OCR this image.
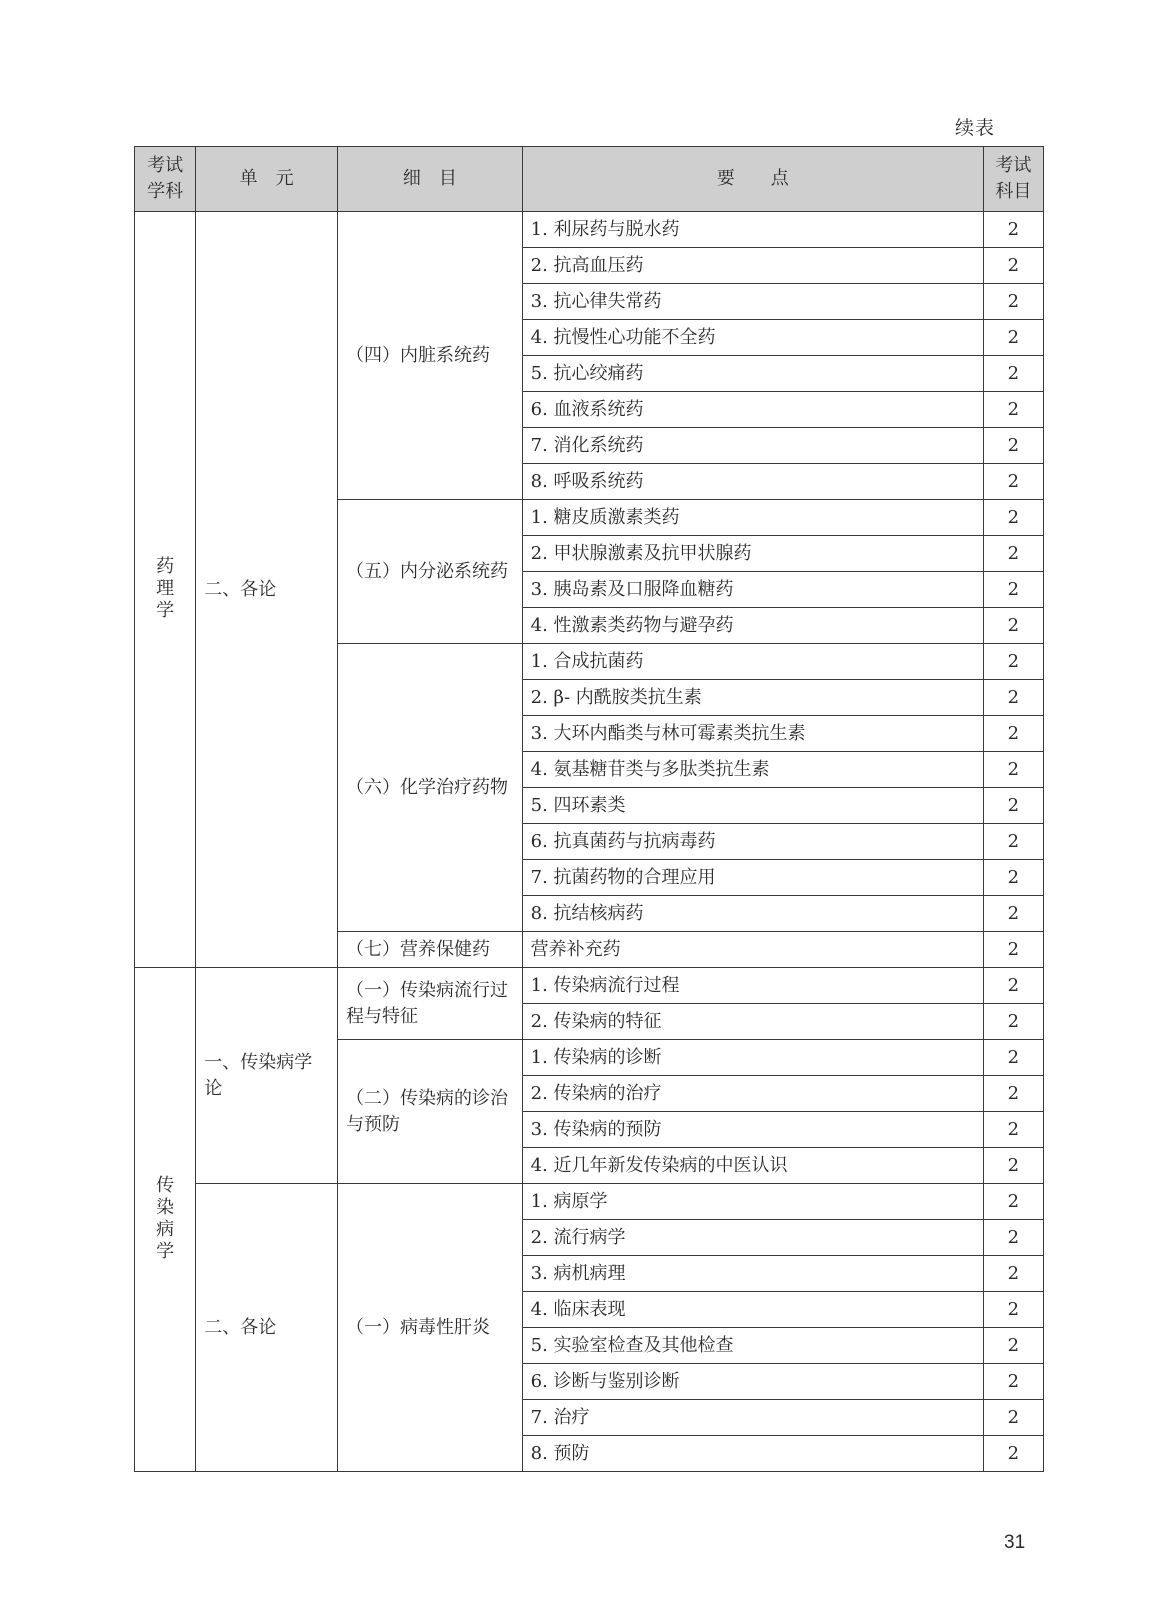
续表
考试学科	单　元	细　目	要　　点	考试科目
药理学	二、各论	（四）内脏系统药	1. 利尿药与脱水药	2
			2. 抗高血压药	2
			3. 抗心律失常药	2
			4. 抗慢性心功能不全药	2
			5. 抗心绞痛药	2
			6. 血液系统药	2
			7. 消化系统药	2
			8. 呼吸系统药	2
		（五）内分泌系统药	1. 糖皮质激素类药	2
			2. 甲状腺激素及抗甲状腺药	2
			3. 胰岛素及口服降血糖药	2
			4. 性激素类药物与避孕药	2
		（六）化学治疗药物	1. 合成抗菌药	2
			2. β- 内酰胺类抗生素	2
			3. 大环内酯类与林可霉素类抗生素	2
			4. 氨基糖苷类与多肽类抗生素	2
			5. 四环素类	2
			6. 抗真菌药与抗病毒药	2
			7. 抗菌药物的合理应用	2
			8. 抗结核病药	2
		（七）营养保健药	营养补充药	2
传染病学	一、传染病学论	（一）传染病流行过程与特征	1. 传染病流行过程	2
			2. 传染病的特征	2
		（二）传染病的诊治与预防	1. 传染病的诊断	2
			2. 传染病的治疗	2
			3. 传染病的预防	2
			4. 近几年新发传染病的中医认识	2
	二、各论	（一）病毒性肝炎	1. 病原学	2
			2. 流行病学	2
			3. 病机病理	2
			4. 临床表现	2
			5. 实验室检查及其他检查	2
			6. 诊断与鉴别诊断	2
			7. 治疗	2
			8. 预防	2
31
